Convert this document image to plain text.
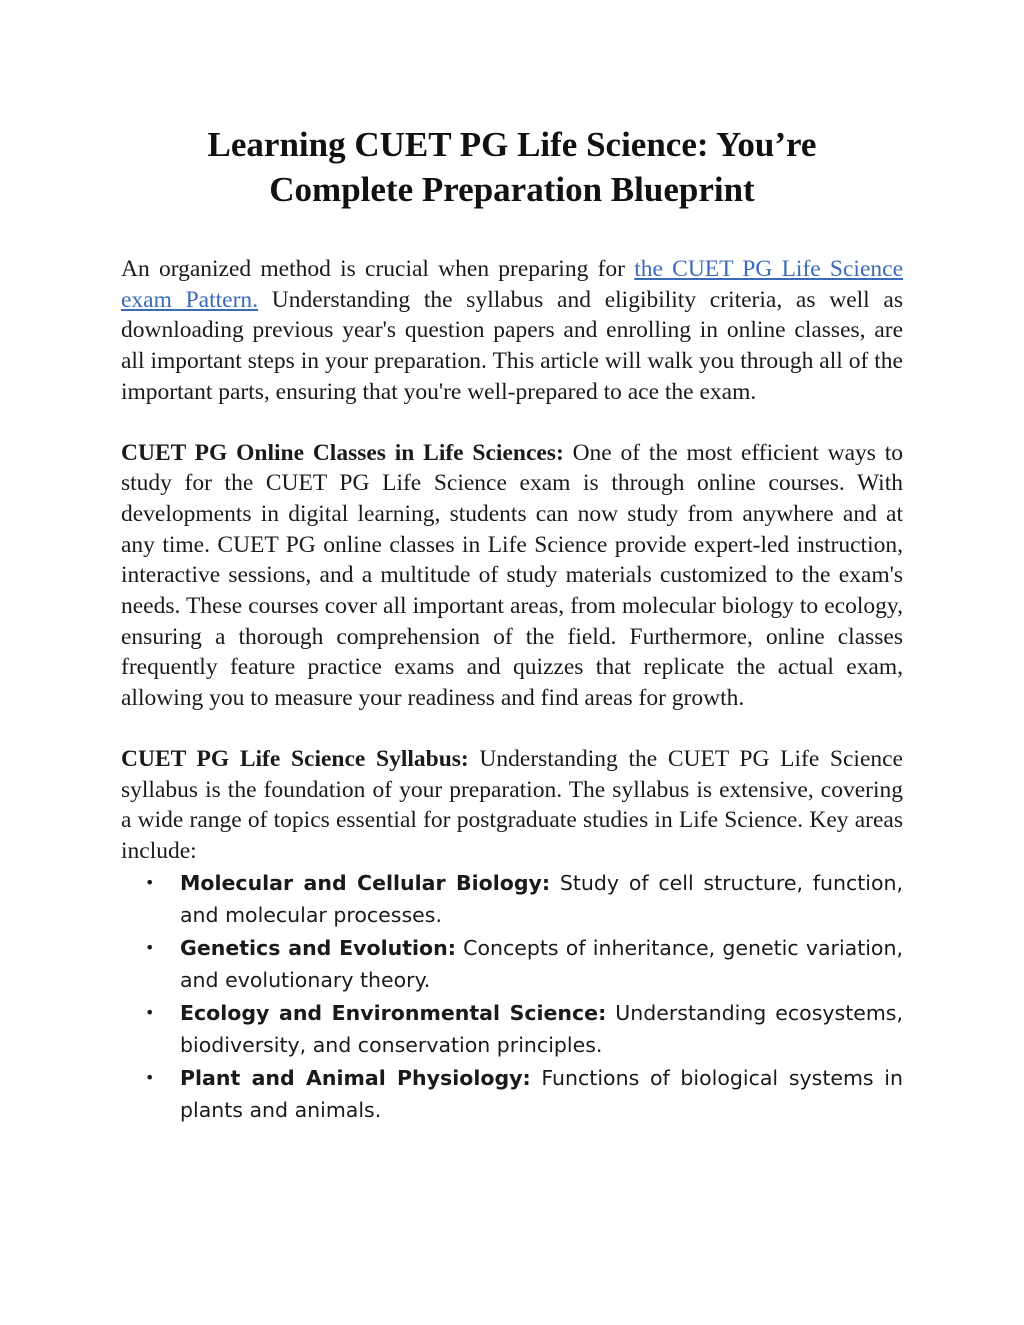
Learning CUET PG Life Science: You’re
Complete Preparation Blueprint

An organized method is crucial when preparing for the CUET PG Life Science exam Pattern. Understanding the syllabus and eligibility criteria, as well as downloading previous year's question papers and enrolling in online classes, are all important steps in your preparation. This article will walk you through all of the important parts, ensuring that you're well-prepared to ace the exam.

CUET PG Online Classes in Life Sciences: One of the most efficient ways to study for the CUET PG Life Science exam is through online courses. With developments in digital learning, students can now study from anywhere and at any time. CUET PG online classes in Life Science provide expert-led instruction, interactive sessions, and a multitude of study materials customized to the exam's needs. These courses cover all important areas, from molecular biology to ecology, ensuring a thorough comprehension of the field. Furthermore, online classes frequently feature practice exams and quizzes that replicate the actual exam, allowing you to measure your readiness and find areas for growth.

CUET PG Life Science Syllabus: Understanding the CUET PG Life Science syllabus is the foundation of your preparation. The syllabus is extensive, covering a wide range of topics essential for postgraduate studies in Life Science. Key areas include:

• Molecular and Cellular Biology: Study of cell structure, function, and molecular processes.
• Genetics and Evolution: Concepts of inheritance, genetic variation, and evolutionary theory.
• Ecology and Environmental Science: Understanding ecosystems, biodiversity, and conservation principles.
• Plant and Animal Physiology: Functions of biological systems in plants and animals.
